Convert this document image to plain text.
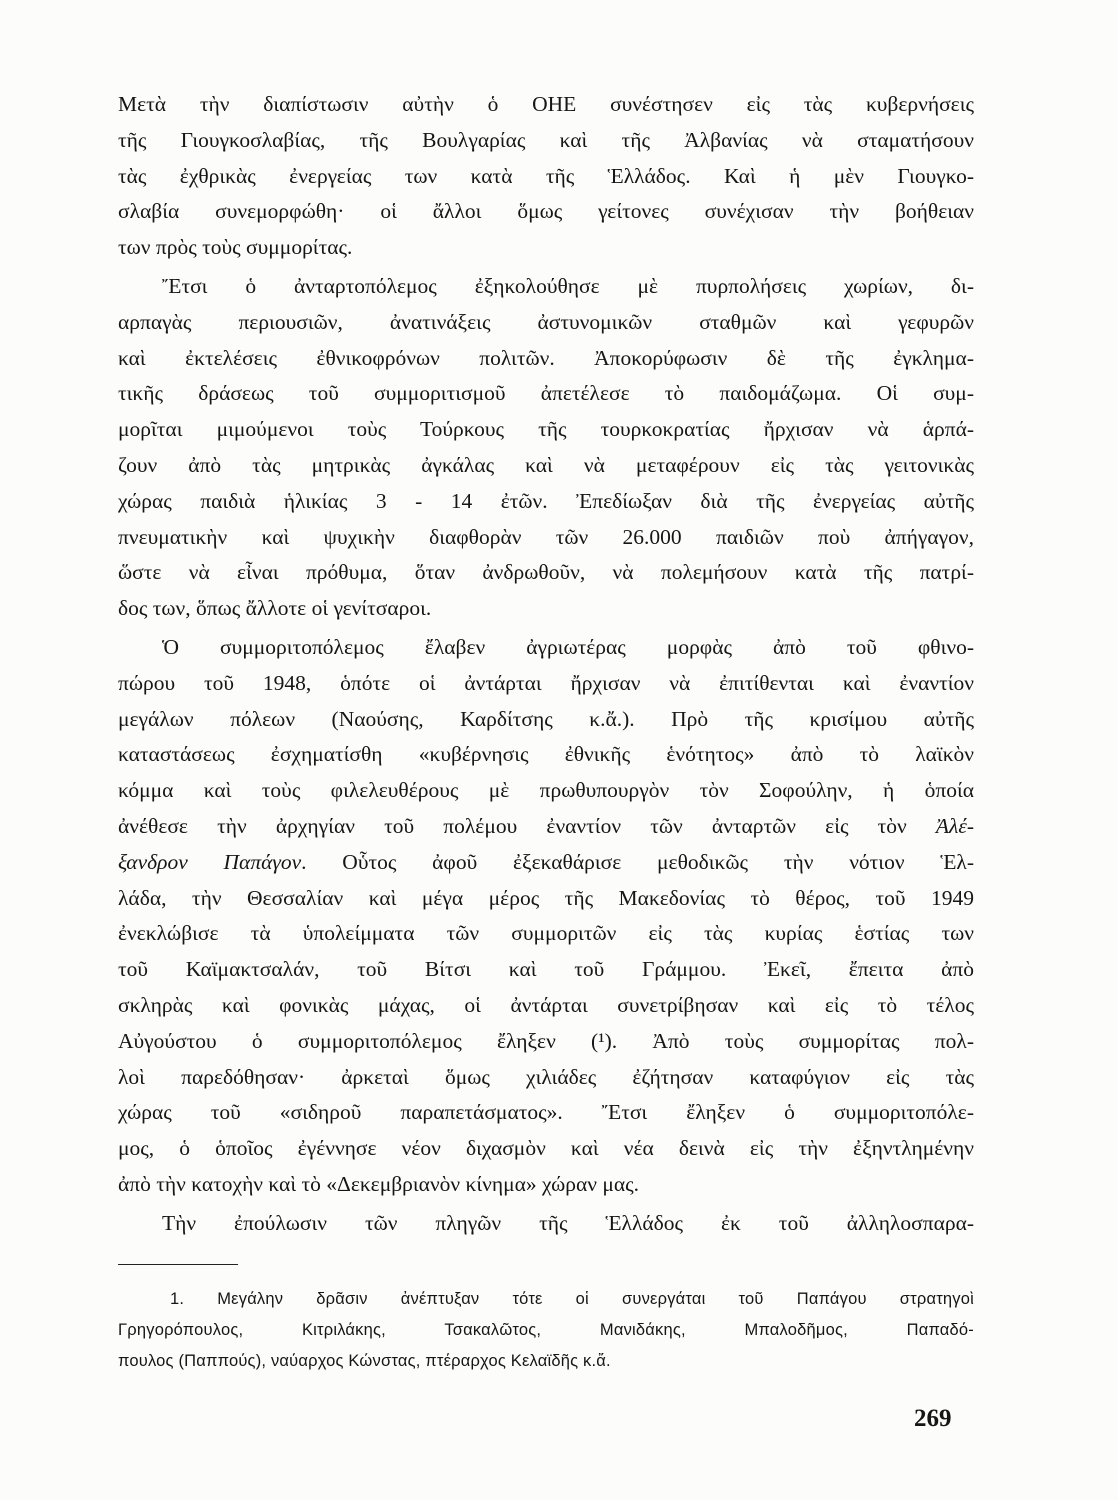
Μετὰ τὴν διαπίστωσιν αὐτὴν ὁ ΟΗΕ συνέστησεν εἰς τὰς κυβερνήσεις
τῆς Γιουγκοσλαβίας, τῆς Βουλγαρίας καὶ τῆς Ἀλβανίας νὰ σταματήσουν
τὰς ἐχθρικὰς ἐνεργείας των κατὰ τῆς Ἑλλάδος. Καὶ ἡ μὲν Γιουγκο-
σλαβία συνεμορφώθη· οἱ ἄλλοι ὅμως γείτονες συνέχισαν τὴν βοήθειαν
των πρὸς τοὺς συμμορίτας.
Ἔτσι ὁ ἀνταρτοπόλεμος ἐξηκολούθησε μὲ πυρπολήσεις χωρίων, δι-
αρπαγὰς περιουσιῶν, ἀνατινάξεις ἀστυνομικῶν σταθμῶν καὶ γεφυρῶν
καὶ ἐκτελέσεις ἐθνικοφρόνων πολιτῶν. Ἀποκορύφωσιν δὲ τῆς ἐγκλημα-
τικῆς δράσεως τοῦ συμμοριτισμοῦ ἀπετέλεσε τὸ παιδομάζωμα. Οἱ συμ-
μορῖται μιμούμενοι τοὺς Τούρκους τῆς τουρκοκρατίας ἤρχισαν νὰ ἁρπά-
ζουν ἀπὸ τὰς μητρικὰς ἀγκάλας καὶ νὰ μεταφέρουν εἰς τὰς γειτονικὰς
χώρας παιδιὰ ἡλικίας 3 - 14 ἐτῶν. Ἐπεδίωξαν διὰ τῆς ἐνεργείας αὐτῆς
πνευματικὴν καὶ ψυχικὴν διαφθορὰν τῶν 26.000 παιδιῶν ποὺ ἀπήγαγον,
ὥστε νὰ εἶναι πρόθυμα, ὅταν ἀνδρωθοῦν, νὰ πολεμήσουν κατὰ τῆς πατρί-
δος των, ὅπως ἄλλοτε οἱ γενίτσαροι.
Ὁ συμμοριτοπόλεμος ἔλαβεν ἀγριωτέρας μορφὰς ἀπὸ τοῦ φθινο-
πώρου τοῦ 1948, ὁπότε οἱ ἀντάρται ἤρχισαν νὰ ἐπιτίθενται καὶ ἐναντίον
μεγάλων πόλεων (Ναούσης, Καρδίτσης κ.ἄ.). Πρὸ τῆς κρισίμου αὐτῆς
καταστάσεως ἐσχηματίσθη «κυβέρνησις ἐθνικῆς ἑνότητος» ἀπὸ τὸ λαϊκὸν
κόμμα καὶ τοὺς φιλελευθέρους μὲ πρωθυπουργὸν τὸν Σοφούλην, ἡ ὁποία
ἀνέθεσε τὴν ἀρχηγίαν τοῦ πολέμου ἐναντίον τῶν ἀνταρτῶν εἰς τὸν Ἀλέ-
ξανδρον Παπάγον. Οὗτος ἀφοῦ ἐξεκαθάρισε μεθοδικῶς τὴν νότιον Ἑλ-
λάδα, τὴν Θεσσαλίαν καὶ μέγα μέρος τῆς Μακεδονίας τὸ θέρος, τοῦ 1949
ἐνεκλώβισε τὰ ὑπολείμματα τῶν συμμοριτῶν εἰς τὰς κυρίας ἑστίας των
τοῦ Καϊμακτσαλάν, τοῦ Βίτσι καὶ τοῦ Γράμμου. Ἐκεῖ, ἔπειτα ἀπὸ
σκληρὰς καὶ φονικὰς μάχας, οἱ ἀντάρται συνετρίβησαν καὶ εἰς τὸ τέλος
Αὐγούστου ὁ συμμοριτοπόλεμος ἔληξεν (¹). Ἀπὸ τοὺς συμμορίτας πολ-
λοὶ παρεδόθησαν· ἀρκεταὶ ὅμως χιλιάδες ἐζήτησαν καταφύγιον εἰς τὰς
χώρας τοῦ «σιδηροῦ παραπετάσματος». Ἔτσι ἔληξεν ὁ συμμοριτοπόλε-
μος, ὁ ὁποῖος ἐγέννησε νέον διχασμὸν καὶ νέα δεινὰ εἰς τὴν ἐξηντλημένην
ἀπὸ τὴν κατοχὴν καὶ τὸ «Δεκεμβριανὸν κίνημα» χώραν μας.
Τὴν ἐπούλωσιν τῶν πληγῶν τῆς Ἑλλάδος ἐκ τοῦ ἀλληλοσπαρα-
1. Μεγάλην δρᾶσιν ἀνέπτυξαν τότε οἱ συνεργάται τοῦ Παπάγου στρατηγοὶ
Γρηγορόπουλος, Κιτριλάκης, Τσακαλῶτος, Μανιδάκης, Μπαλοδῆμος, Παπαδό-
πουλος (Παππούς), ναύαρχος Κώνστας, πτέραρχος Κελαϊδῆς κ.ἄ.
269
